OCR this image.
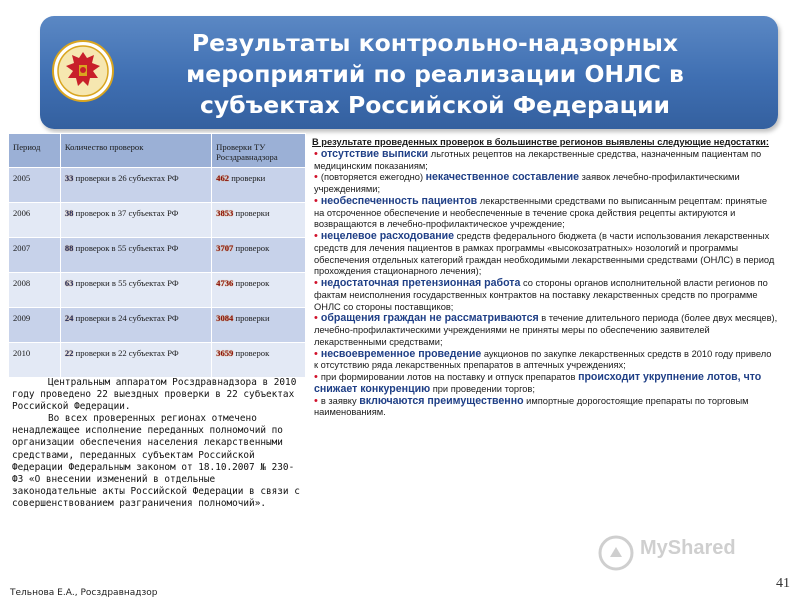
Результаты контрольно-надзорных
мероприятий по реализации ОНЛС в
субъектах Российской Федерации
Период	Количество проверок	Проверки ТУ Росздравнадзора
2005	33 проверки в 26 субъектах РФ	462 проверки
2006	38 проверок в 37 субъектах РФ	3853 проверки
2007	88 проверок в 55 субъектах РФ	3707 проверок
2008	63 проверки в 55 субъектах РФ	4736 проверок
2009	24 проверки в 24 субъектах РФ	3084 проверки
2010	22 проверки в 22 субъектах РФ	3659 проверок

Центральным аппаратом Росздравнадзора в 2010 году проведено 22 выездных проверки в 22 субъектах Российской Федерации.

Во всех проверенных регионах отмечено ненадлежащее исполнение переданных полномочий по организации обеспечения населения лекарственными средствами, переданных субъектам Российской Федерации Федеральным законом от 18.10.2007 № 230-ФЗ «О внесении изменений в отдельные законодательные акты Российской Федерации в связи с совершенствованием разграничения полномочий».

В результате проведенных проверок в большинстве регионов выявлены следующие недостатки:
• отсутствие выписки льготных рецептов на лекарственные средства, назначенным пациентам по медицинским показаниям;
• (повторяется ежегодно) некачественное составление заявок лечебно-профилактическими учреждениями;
• необеспеченность пациентов лекарственными средствами по выписанным рецептам: принятые на отсроченное обеспечение и необеспеченные в течение срока действия рецепты актируются и возвращаются в лечебно-профилактическое учреждение;
• нецелевое расходование средств федерального бюджета (в части использования лекарственных средств для лечения пациентов в рамках программы «высокозатратных» нозологий и программы обеспечения отдельных категорий граждан необходимыми лекарственными средствами (ОНЛС) в период прохождения стационарного лечения);
• недостаточная претензионная работа со стороны органов исполнительной власти регионов по фактам неисполнения государственных контрактов на поставку лекарственных средств по программе ОНЛС со стороны поставщиков;
• обращения граждан не рассматриваются в течение длительного периода (более двух месяцев), лечебно-профилактическими учреждениями не приняты меры по обеспечению заявителей лекарственными средствами;
• несвоевременное проведение аукционов по закупке лекарственных средств в 2010 году привело к отсутствию ряда лекарственных препаратов в аптечных учреждениях;
• при формировании лотов на поставку и отпуск препаратов происходит укрупнение лотов, что снижает конкуренцию при проведении торгов;
• в заявку включаются преимущественно импортные дорогостоящие препараты по торговым наименованиям.
MyShared
Тельнова Е.А., Росздравнадзор
41
